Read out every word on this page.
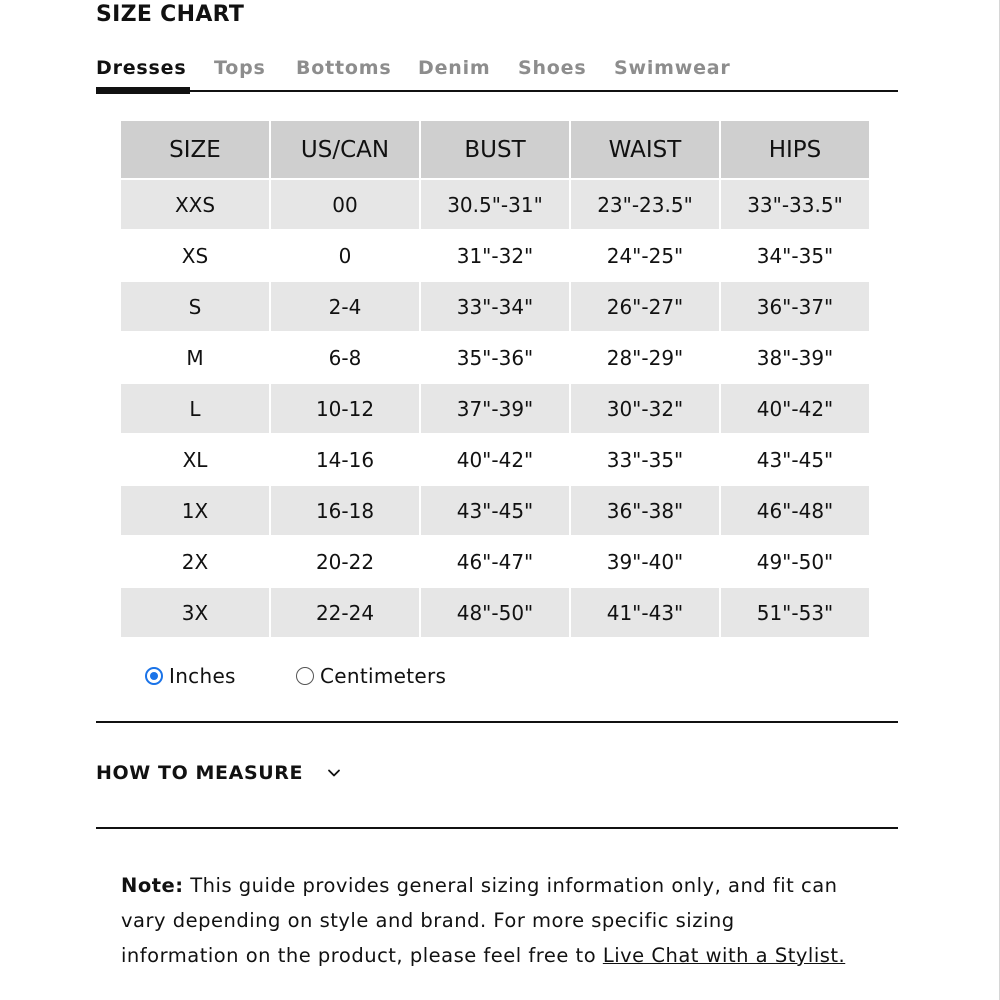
SIZE CHART
Dresses Tops Bottoms Denim Shoes Swimwear
SIZE	US/CAN	BUST	WAIST	HIPS
XXS	00	30.5"-31"	23"-23.5"	33"-33.5"
XS	0	31"-32"	24"-25"	34"-35"
S	2-4	33"-34"	26"-27"	36"-37"
M	6-8	35"-36"	28"-29"	38"-39"
L	10-12	37"-39"	30"-32"	40"-42"
XL	14-16	40"-42"	33"-35"	43"-45"
1X	16-18	43"-45"	36"-38"	46"-48"
2X	20-22	46"-47"	39"-40"	49"-50"
3X	22-24	48"-50"	41"-43"	51"-53"
Inches	Centimeters
HOW TO MEASURE
Note: This guide provides general sizing information only, and fit can vary depending on style and brand. For more specific sizing information on the product, please feel free to Live Chat with a Stylist.
